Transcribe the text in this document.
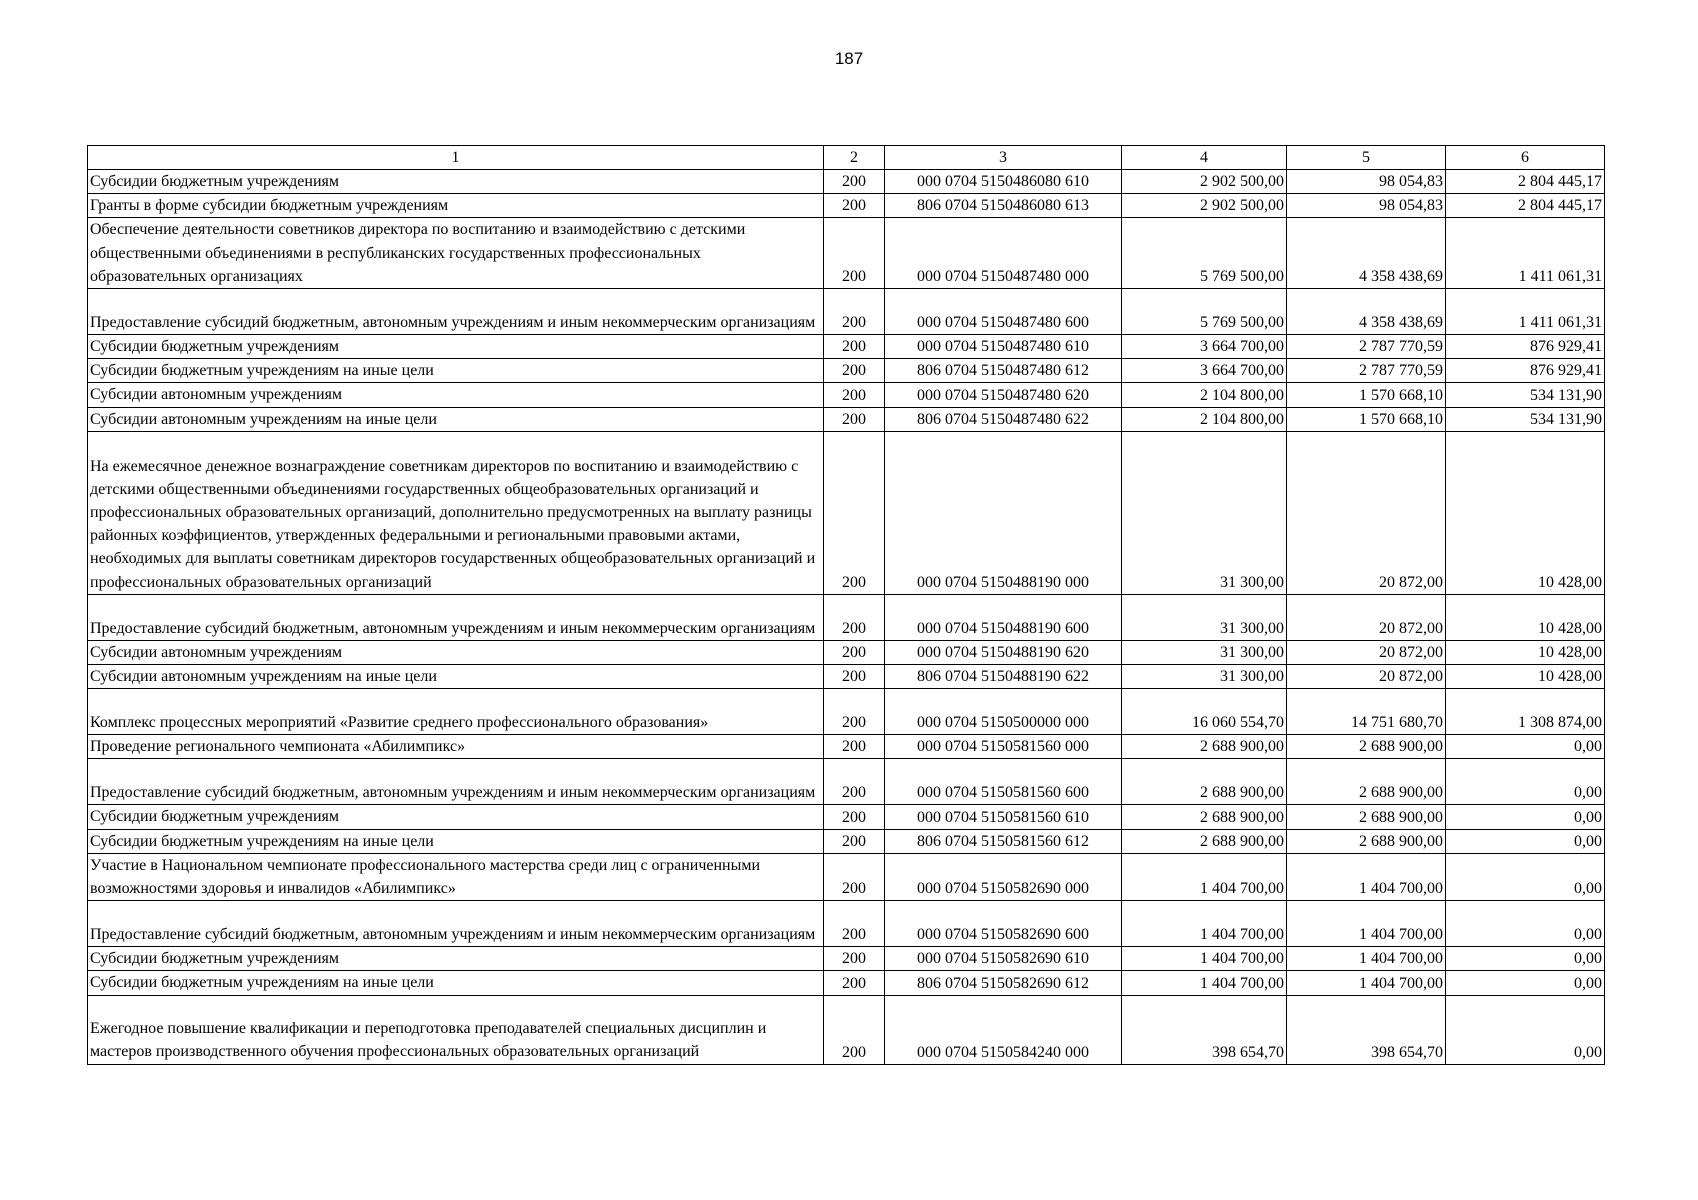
187
1	2	3	4	5	6
Субсидии бюджетным учреждениям	200	000 0704 5150486080 610	2 902 500,00	98 054,83	2 804 445,17
Гранты в форме субсидии бюджетным учреждениям	200	806 0704 5150486080 613	2 902 500,00	98 054,83	2 804 445,17
Обеспечение деятельности советников директора по воспитанию и взаимодействию с детскими общественными объединениями в республиканских государственных профессиональных образовательных организациях	200	000 0704 5150487480 000	5 769 500,00	4 358 438,69	1 411 061,31
Предоставление субсидий бюджетным, автономным учреждениям и иным некоммерческим организациям	200	000 0704 5150487480 600	5 769 500,00	4 358 438,69	1 411 061,31
Субсидии бюджетным учреждениям	200	000 0704 5150487480 610	3 664 700,00	2 787 770,59	876 929,41
Субсидии бюджетным учреждениям на иные цели	200	806 0704 5150487480 612	3 664 700,00	2 787 770,59	876 929,41
Субсидии автономным учреждениям	200	000 0704 5150487480 620	2 104 800,00	1 570 668,10	534 131,90
Субсидии автономным учреждениям на иные цели	200	806 0704 5150487480 622	2 104 800,00	1 570 668,10	534 131,90
На ежемесячное денежное вознаграждение советникам директоров по воспитанию и взаимодействию с детскими общественными объединениями государственных общеобразовательных организаций и профессиональных образовательных организаций, дополнительно предусмотренных на выплату разницы районных коэффициентов, утвержденных федеральными и региональными правовыми актами, необходимых для выплаты советникам директоров государственных общеобразовательных организаций и профессиональных образовательных организаций	200	000 0704 5150488190 000	31 300,00	20 872,00	10 428,00
Предоставление субсидий бюджетным, автономным учреждениям и иным некоммерческим организациям	200	000 0704 5150488190 600	31 300,00	20 872,00	10 428,00
Субсидии автономным учреждениям	200	000 0704 5150488190 620	31 300,00	20 872,00	10 428,00
Субсидии автономным учреждениям на иные цели	200	806 0704 5150488190 622	31 300,00	20 872,00	10 428,00
Комплекс процессных мероприятий «Развитие среднего профессионального образования»	200	000 0704 5150500000 000	16 060 554,70	14 751 680,70	1 308 874,00
Проведение регионального чемпионата «Абилимпикс»	200	000 0704 5150581560 000	2 688 900,00	2 688 900,00	0,00
Предоставление субсидий бюджетным, автономным учреждениям и иным некоммерческим организациям	200	000 0704 5150581560 600	2 688 900,00	2 688 900,00	0,00
Субсидии бюджетным учреждениям	200	000 0704 5150581560 610	2 688 900,00	2 688 900,00	0,00
Субсидии бюджетным учреждениям на иные цели	200	806 0704 5150581560 612	2 688 900,00	2 688 900,00	0,00
Участие в Национальном чемпионате профессионального мастерства среди лиц с ограниченными возможностями здоровья и инвалидов «Абилимпикс»	200	000 0704 5150582690 000	1 404 700,00	1 404 700,00	0,00
Предоставление субсидий бюджетным, автономным учреждениям и иным некоммерческим организациям	200	000 0704 5150582690 600	1 404 700,00	1 404 700,00	0,00
Субсидии бюджетным учреждениям	200	000 0704 5150582690 610	1 404 700,00	1 404 700,00	0,00
Субсидии бюджетным учреждениям на иные цели	200	806 0704 5150582690 612	1 404 700,00	1 404 700,00	0,00
Ежегодное повышение квалификации и переподготовка преподавателей специальных дисциплин и мастеров производственного обучения профессиональных образовательных организаций	200	000 0704 5150584240 000	398 654,70	398 654,70	0,00
